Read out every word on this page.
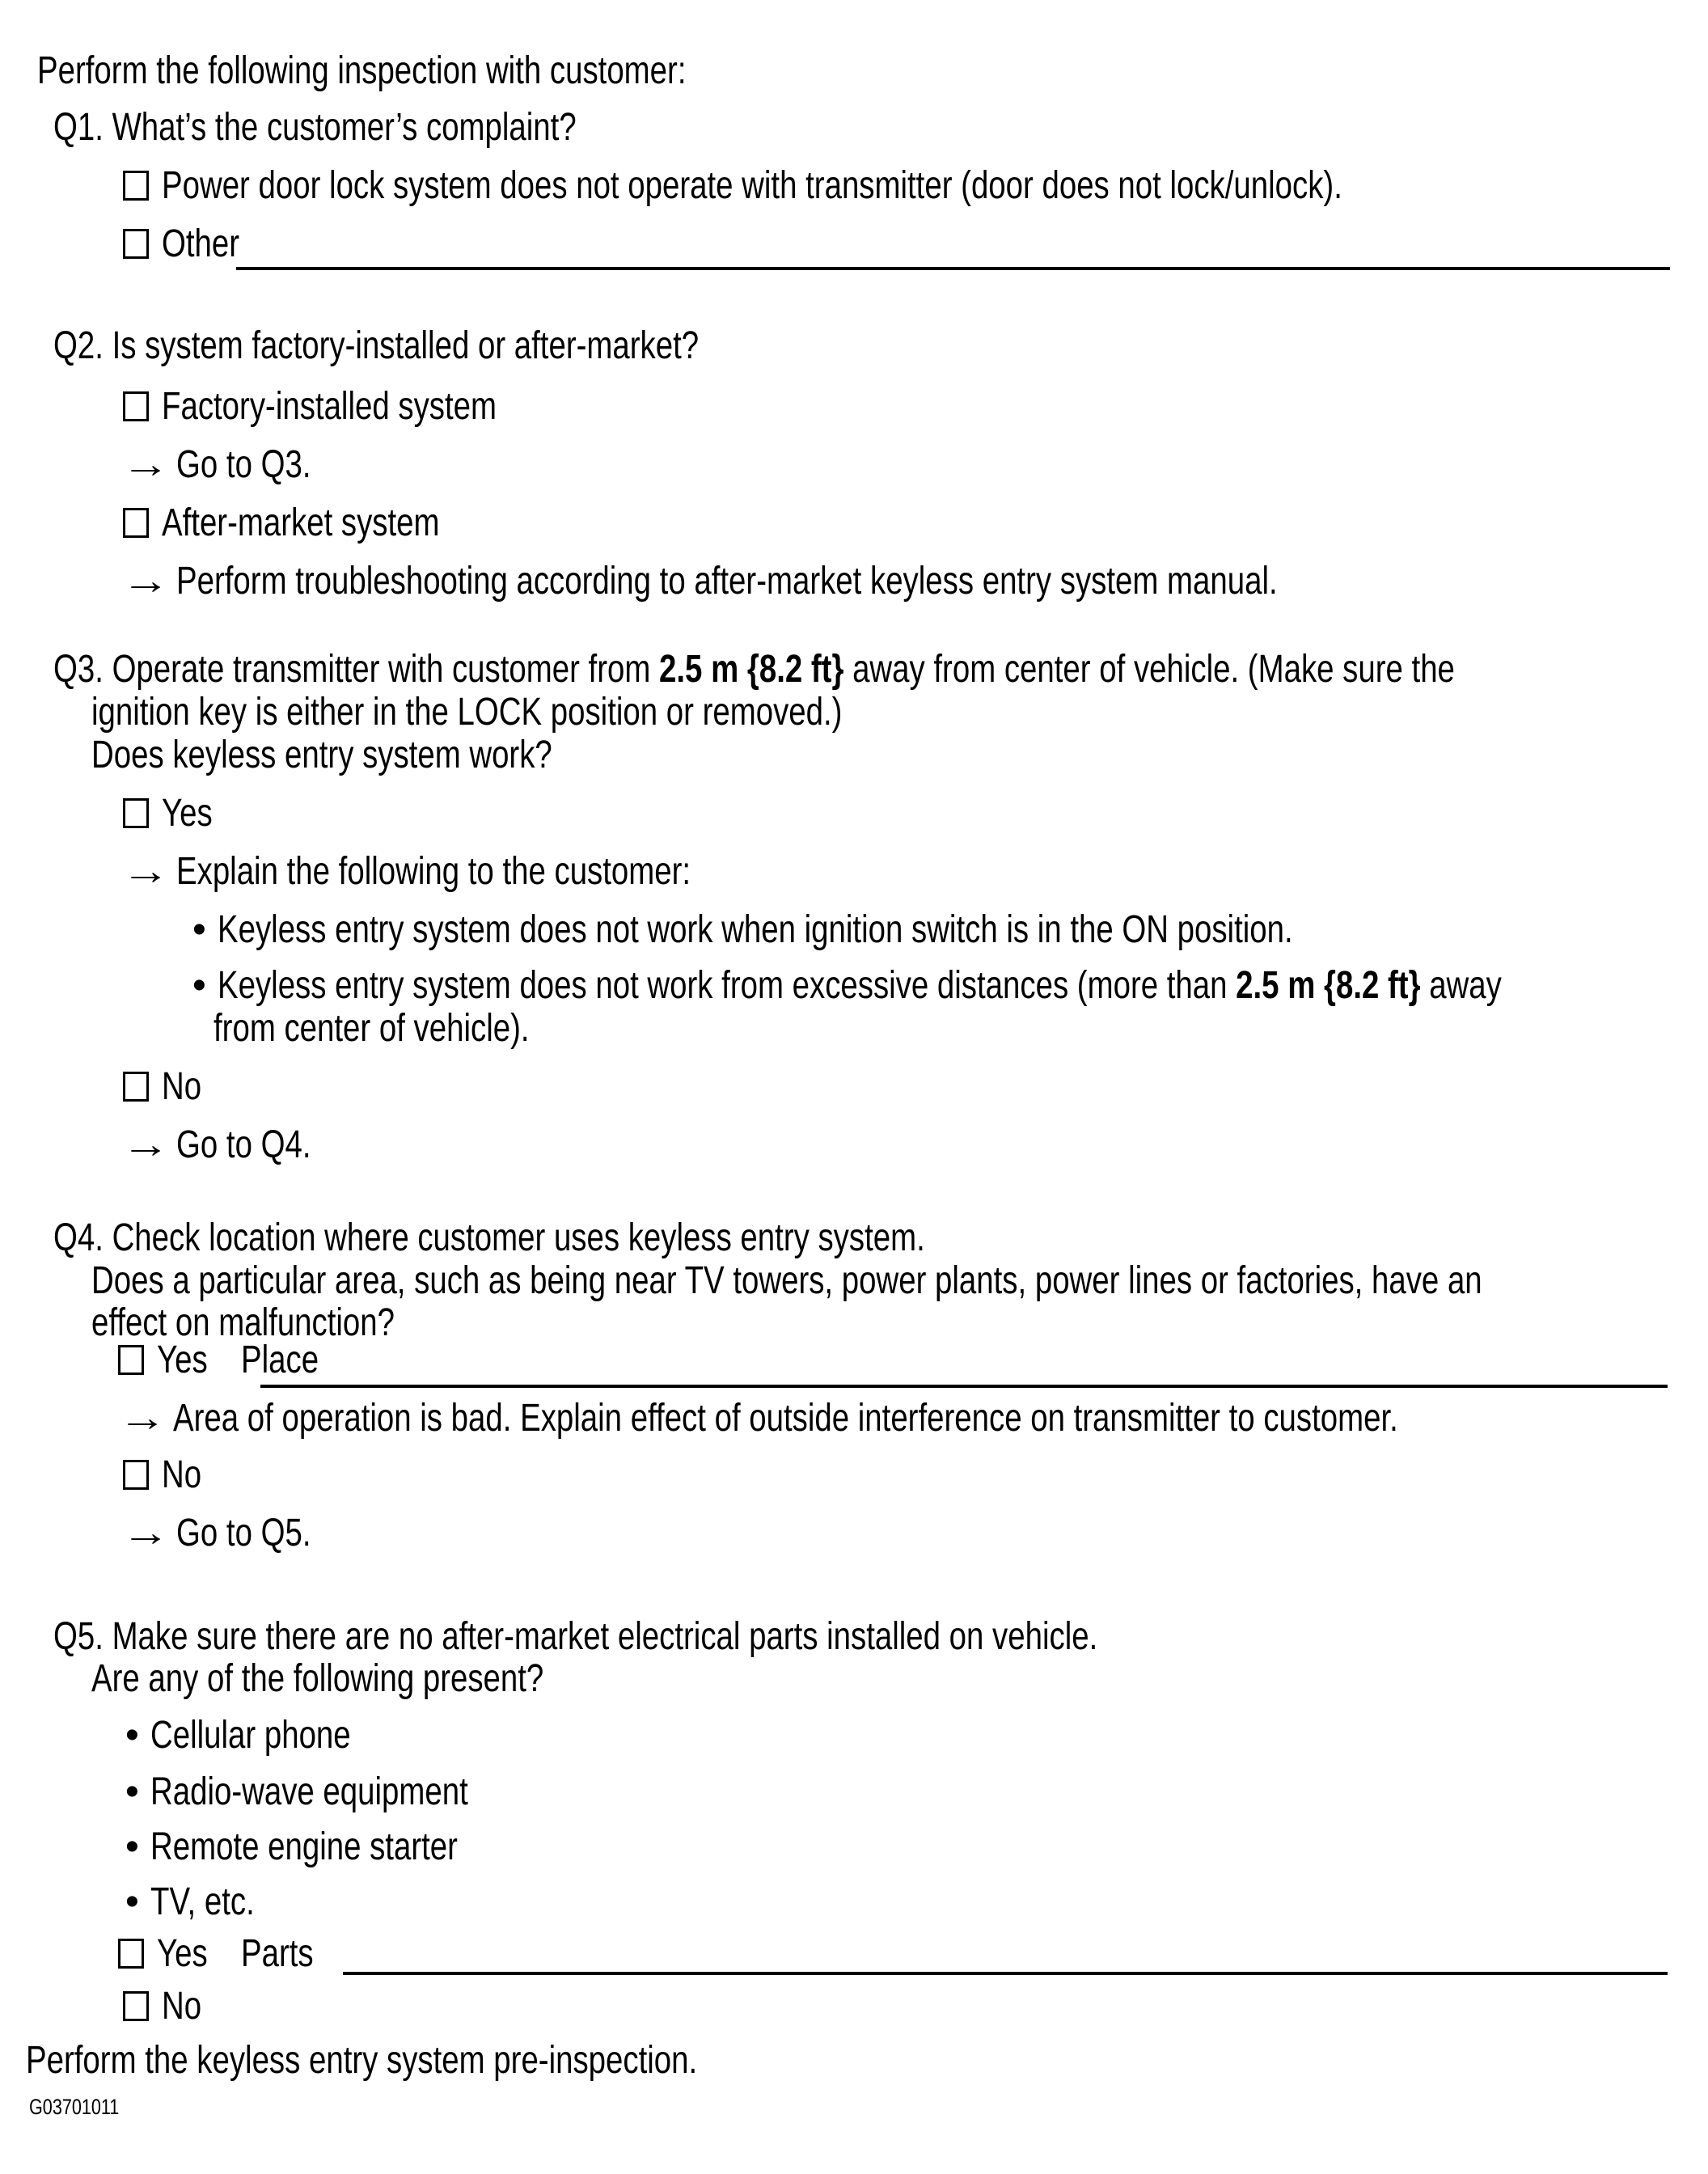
Perform the following inspection with customer:
Q1. What’s the customer’s complaint?
Power door lock system does not operate with transmitter (door does not lock/unlock).
Other
Q2. Is system factory-installed or after-market?
Factory-installed system
→
Go to Q3.
After-market system
→
Perform troubleshooting according to after-market keyless entry system manual.
Q3. Operate transmitter with customer from 2.5 m {8.2 ft} away from center of vehicle. (Make sure the
ignition key is either in the LOCK position or removed.)
Does keyless entry system work?
Yes
→
Explain the following to the customer:
•
Keyless entry system does not work when ignition switch is in the ON position.
•
Keyless entry system does not work from excessive distances (more than 2.5 m {8.2 ft} away
from center of vehicle).
No
→
Go to Q4.
Q4. Check location where customer uses keyless entry system.
Does a particular area, such as being near TV towers, power plants, power lines or factories, have an
effect on malfunction?
Yes Place
→
Area of operation is bad. Explain effect of outside interference on transmitter to customer.
No
→
Go to Q5.
Q5. Make sure there are no after-market electrical parts installed on vehicle.
Are any of the following present?
•
Cellular phone
•
Radio-wave equipment
•
Remote engine starter
•
TV, etc.
Yes Parts
No
Perform the keyless entry system pre-inspection.
G03701011
